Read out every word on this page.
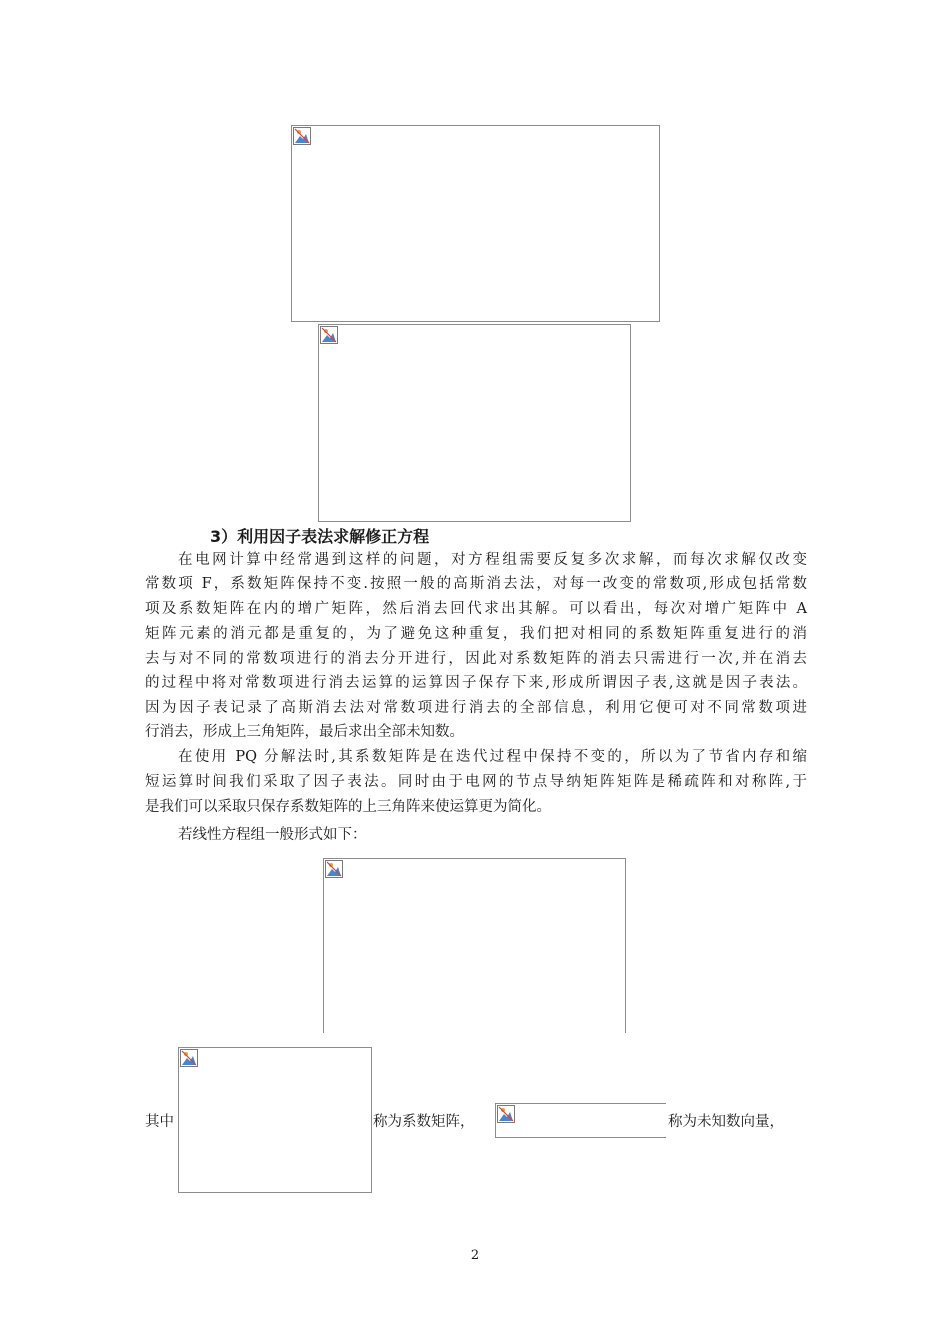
3）利用因子表法求解修正方程
在电网计算中经常遇到这样的问题，对方程组需要反复多次求解，而每次求解仅改变
常数项 F，系数矩阵保持不变.按照一般的高斯消去法，对每一改变的常数项,形成包括常数
项及系数矩阵在内的增广矩阵，然后消去回代求出其解。可以看出，每次对增广矩阵中 A
矩阵元素的消元都是重复的，为了避免这种重复，我们把对相同的系数矩阵重复进行的消
去与对不同的常数项进行的消去分开进行，因此对系数矩阵的消去只需进行一次,并在消去
的过程中将对常数项进行消去运算的运算因子保存下来,形成所谓因子表,这就是因子表法。
因为因子表记录了高斯消去法对常数项进行消去的全部信息，利用它便可对不同常数项进
行消去，形成上三角矩阵，最后求出全部未知数。
在使用 PQ 分解法时,其系数矩阵是在迭代过程中保持不变的，所以为了节省内存和缩
短运算时间我们采取了因子表法。同时由于电网的节点导纳矩阵矩阵是稀疏阵和对称阵,于
是我们可以采取只保存系数矩阵的上三角阵来使运算更为简化。
若线性方程组一般形式如下：
其中	称为系数矩阵，	称为未知数向量，
2
